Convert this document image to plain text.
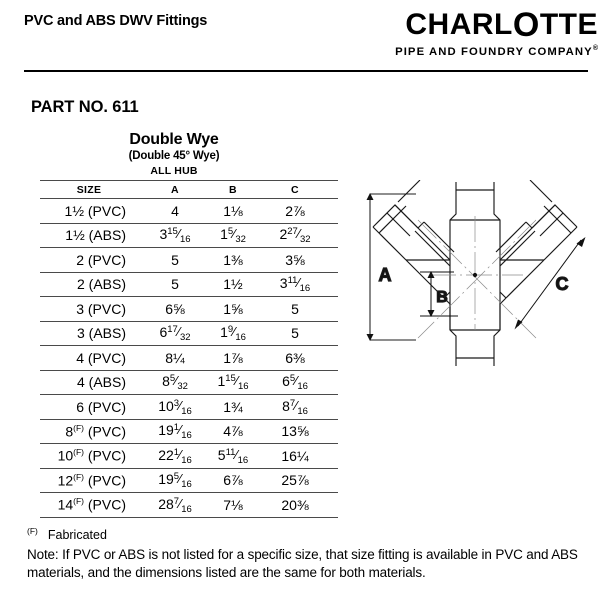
PVC and ABS DWV Fittings	CHARLOTTE
PIPE AND FOUNDRY COMPANY®
PART NO. 611
Double Wye
(Double 45° Wye)
ALL HUB
SIZE	A	B	C
1½ (PVC)	4	1⅛	2⅞
1½ (ABS)	315⁄16	15⁄32	227⁄32
2 (PVC)	5	1⅜	3⅝
2 (ABS)	5	1½	311⁄16
3 (PVC)	6⅝	1⅝	5
3 (ABS)	617⁄32	19⁄16	5
4 (PVC)	8¼	1⅞	6⅜
4 (ABS)	85⁄32	115⁄16	65⁄16
6 (PVC)	103⁄16	1¾	87⁄16
$8^{(F)}$ (PVC)	191⁄16	4⅞	13⅝
$10^{(F)}$ (PVC)	221⁄16	511⁄16	16¼
$12^{(F)}$ (PVC)	195⁄16	6⅞	25⅞
$14^{(F)}$ (PVC)	287⁄16	7⅛	20⅜
A
B
C
$^{(F)}$ Fabricated
Note: If PVC or ABS is not listed for a specific size, that size fitting is available in PVC and ABS materials, and the dimensions listed are the same for both materials.
